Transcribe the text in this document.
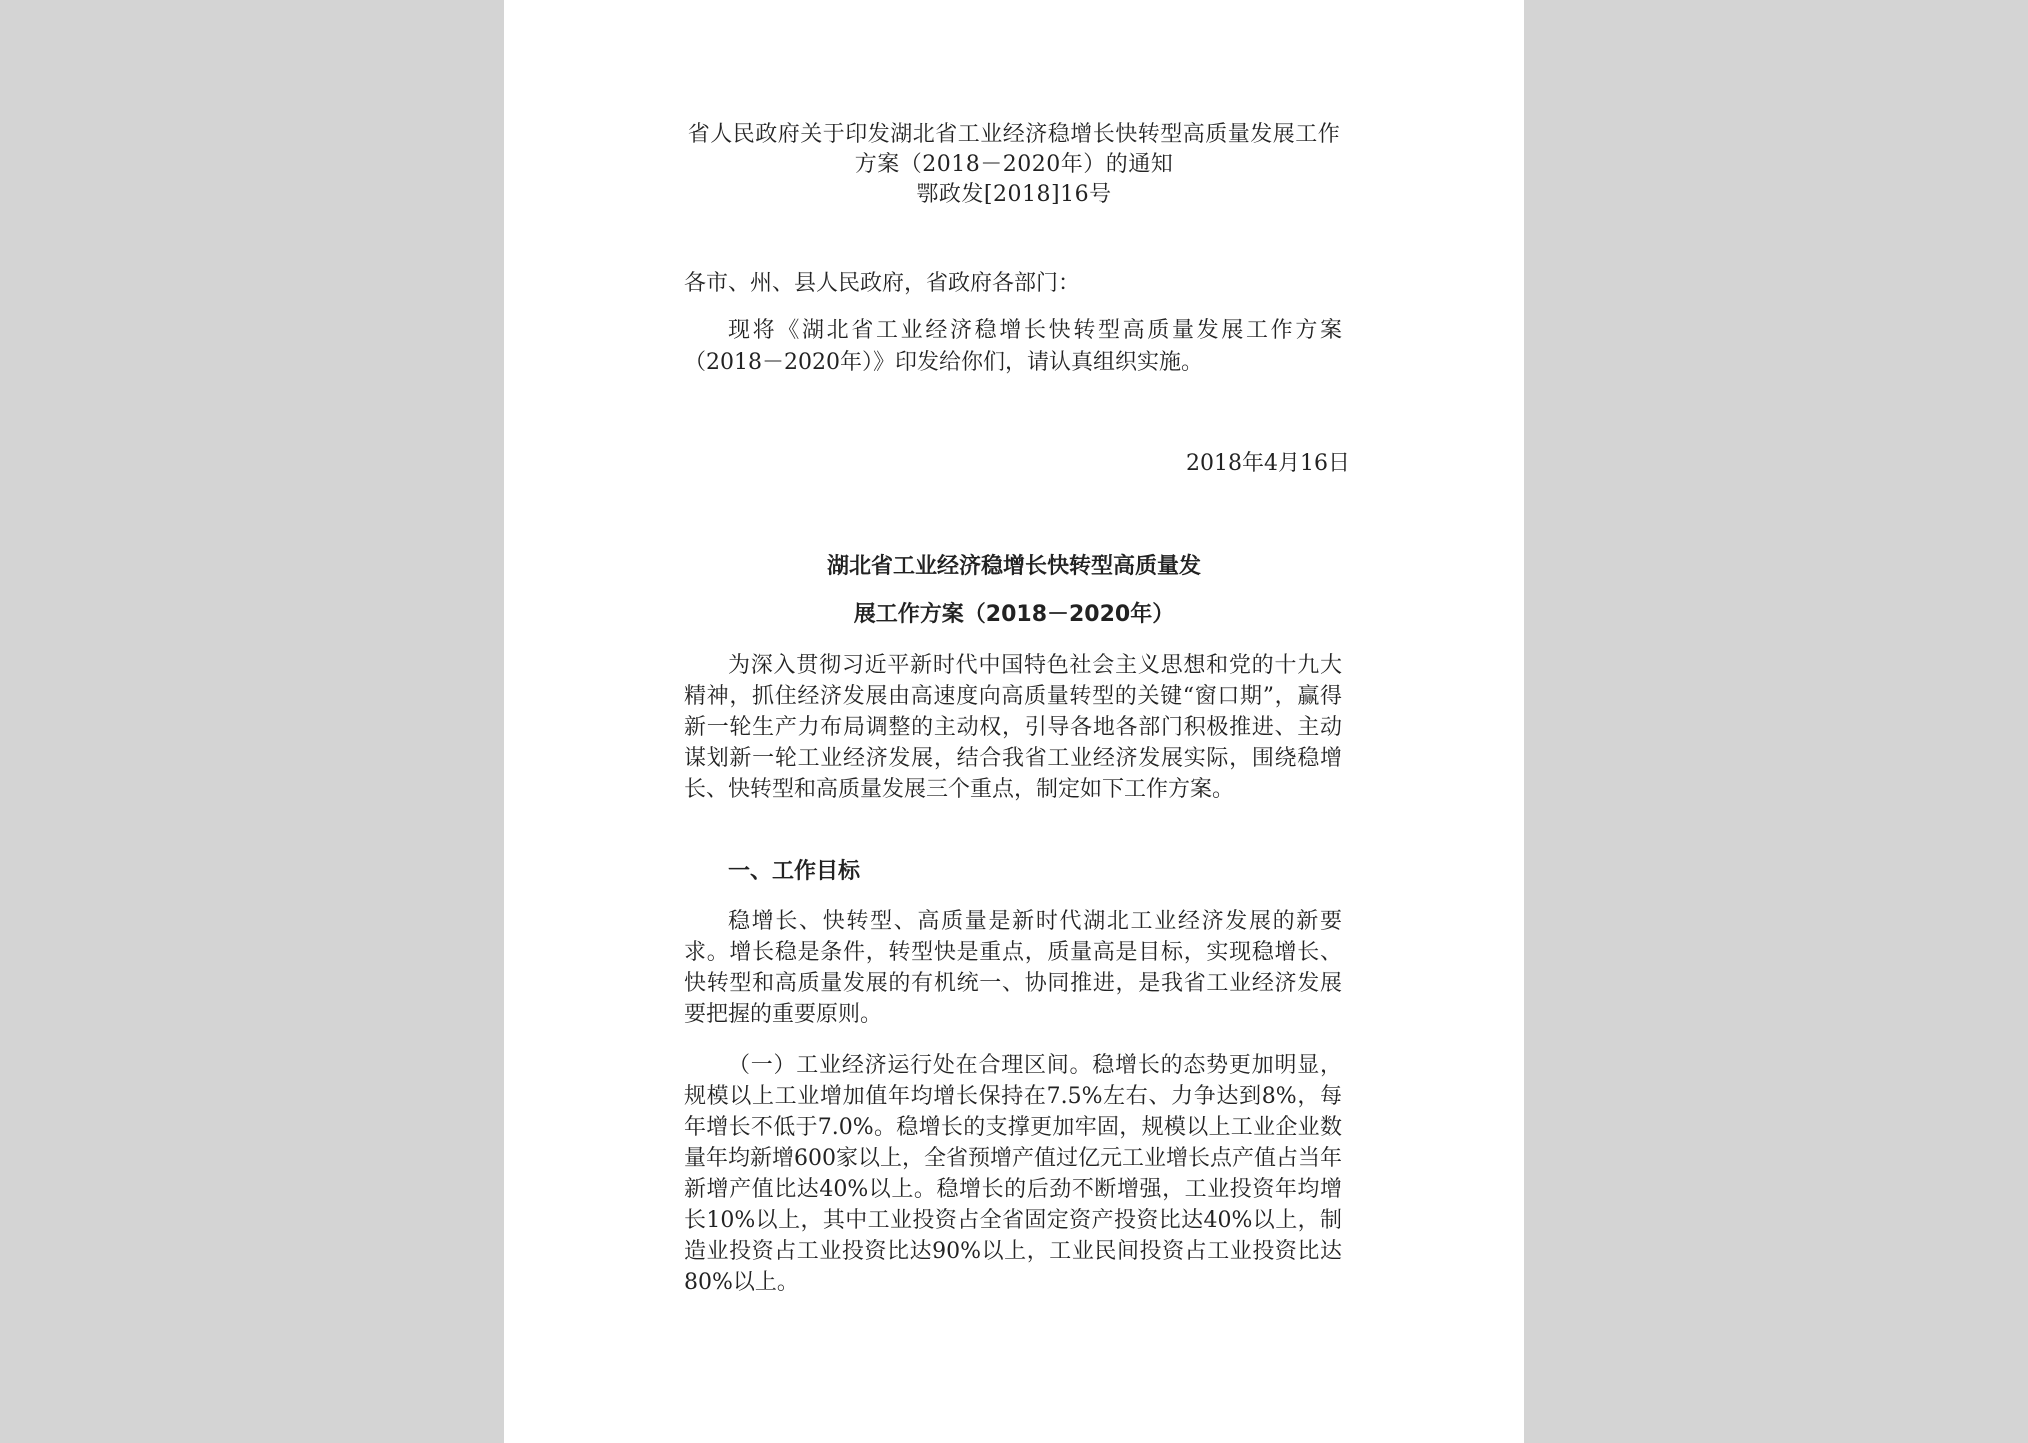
省人民政府关于印发湖北省工业经济稳增长快转型高质量发展工作
方案（2018－2020年）的通知
鄂政发[2018]16号
各市、州、县人民政府，省政府各部门：

现将《湖北省工业经济稳增长快转型高质量发展工作方案（2018－2020年）》印发给你们，请认真组织实施。

2018年4月16日
湖北省工业经济稳增长快转型高质量发
展工作方案（2018－2020年）

为深入贯彻习近平新时代中国特色社会主义思想和党的十九大精神，抓住经济发展由高速度向高质量转型的关键“窗口期”，赢得新一轮生产力布局调整的主动权，引导各地各部门积极推进、主动谋划新一轮工业经济发展，结合我省工业经济发展实际，围绕稳增长、快转型和高质量发展三个重点，制定如下工作方案。

一、工作目标

稳增长、快转型、高质量是新时代湖北工业经济发展的新要求。增长稳是条件，转型快是重点，质量高是目标，实现稳增长、快转型和高质量发展的有机统一、协同推进，是我省工业经济发展要把握的重要原则。

（一）工业经济运行处在合理区间。稳增长的态势更加明显，规模以上工业增加值年均增长保持在7.5%左右、力争达到8%，每年增长不低于7.0%。稳增长的支撑更加牢固，规模以上工业企业数量年均新增600家以上，全省预增产值过亿元工业增长点产值占当年新增产值比达40%以上。稳增长的后劲不断增强，工业投资年均增长10%以上，其中工业投资占全省固定资产投资比达40%以上，制造业投资占工业投资比达90%以上，工业民间投资占工业投资比达80%以上。
